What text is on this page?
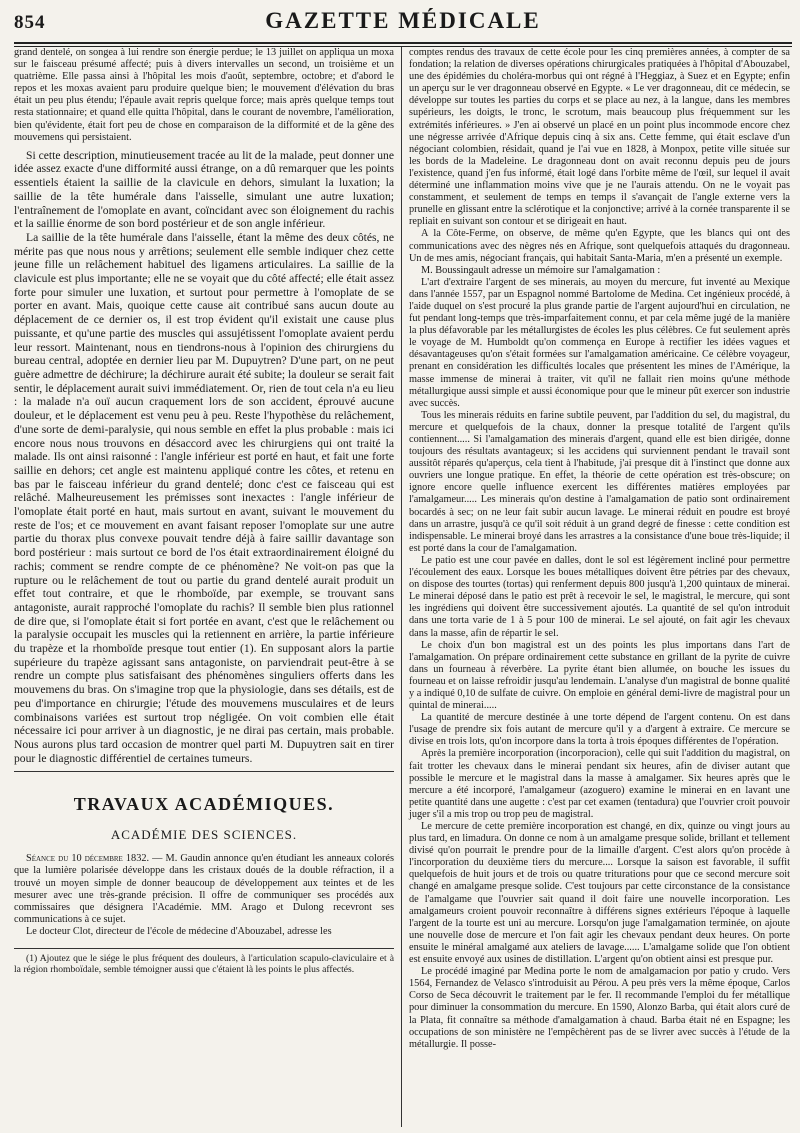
854	GAZETTE MÉDICALE

grand dentelé, on songea à lui rendre son énergie perdue; le 13 juillet on appliqua un moxa sur le faisceau présumé affecté; puis à divers intervalles un second, un troisième et un quatrième. Elle passa ainsi à l'hôpital les mois d'août, septembre, octobre; et d'abord le repos et les moxas avaient paru produire quelque bien; le mouvement d'élévation du bras était un peu plus étendu; l'épaule avait repris quelque force; mais après quelque temps tout resta stationnaire; et quand elle quitta l'hôpital, dans le courant de novembre, l'amélioration, bien qu'évidente, était fort peu de chose en comparaison de la difformité et de la gêne des mouvemens qui persistaient.

Si cette description, minutieusement tracée au lit de la malade, peut donner une idée assez exacte d'une difformité aussi étrange, on a dû remarquer que les points essentiels étaient la saillie de la clavicule en dehors, simulant la luxation; la saillie de la tête humérale dans l'aisselle, simulant une autre luxation; l'entraînement de l'omoplate en avant, coïncidant avec son éloignement du rachis et la saillie énorme de son bord postérieur et de son angle inférieur.

La saillie de la tête humérale dans l'aisselle, étant la même des deux côtés, ne mérite pas que nous nous y arrêtions; seulement elle semble indiquer chez cette jeune fille un relâchement habituel des ligamens articulaires. La saillie de la clavicule est plus importante; elle ne se voyait que du côté affecté; elle était assez forte pour simuler une luxation, et surtout pour permettre à l'omoplate de se porter en avant. Mais, quoique cette cause ait contribué sans aucun doute au déplacement de ce dernier os, il est trop évident qu'il existait une cause plus puissante, et qu'une partie des muscles qui assujétissent l'omoplate avaient perdu leur ressort. Maintenant, nous en tiendrons-nous à l'opinion des chirurgiens du bureau central, adoptée en dernier lieu par M. Dupuytren? D'une part, on ne peut guère admettre de déchirure; la déchirure aurait été subite; la douleur se serait fait sentir, le déplacement aurait suivi immédiatement. Or, rien de tout cela n'a eu lieu : la malade n'a ouï aucun craquement lors de son accident, éprouvé aucune douleur, et le déplacement est venu peu à peu. Reste l'hypothèse du relâchement, d'une sorte de demi-paralysie, qui nous semble en effet la plus probable : mais ici encore nous nous trouvons en désaccord avec les chirurgiens qui ont traité la malade. Ils ont ainsi raisonné : l'angle inférieur est porté en haut, et fait une forte saillie en dehors; cet angle est maintenu appliqué contre les côtes, et retenu en bas par le faisceau inférieur du grand dentelé; donc c'est ce faisceau qui est relâché. Malheureusement les prémisses sont inexactes : l'angle inférieur de l'omoplate était porté en haut, mais surtout en avant, suivant le mouvement du reste de l'os; et ce mouvement en avant faisant reposer l'omoplate sur une autre partie du thorax plus convexe pouvait tendre déjà à faire saillir davantage son bord postérieur : mais surtout ce bord de l'os était extraordinairement éloigné du rachis; comment se rendre compte de ce phénomène? Ne voit-on pas que la rupture ou le relâchement de tout ou partie du grand dentelé aurait produit un effet tout contraire, et que le rhomboïde, par exemple, se trouvant sans antagoniste, aurait rapproché l'omoplate du rachis? Il semble bien plus rationnel de dire que, si l'omoplate était si fort portée en avant, c'est que le relâchement ou la paralysie occupait les muscles qui la retiennent en arrière, la partie inférieure du trapèze et la rhomboïde presque tout entier (1). En supposant alors la partie supérieure du trapèze agissant sans antagoniste, on parviendrait peut-être à se rendre un compte plus satisfaisant des phénomènes singuliers offerts dans les mouvemens du bras. On s'imagine trop que la physiologie, dans ses détails, est de peu d'importance en chirurgie; l'étude des mouvemens musculaires et de leurs combinaisons variées est surtout trop négligée. On voit combien elle était nécessaire ici pour arriver à un diagnostic, je ne dirai pas certain, mais probable. Nous aurons plus tard occasion de montrer quel parti M. Dupuytren sait en tirer pour le diagnostic différentiel de certaines tumeurs.

TRAVAUX ACADÉMIQUES.
ACADÉMIE DES SCIENCES.

Séance du 10 décembre 1832. — M. Gaudin annonce qu'en étudiant les anneaux colorés que la lumière polarisée développe dans les cristaux doués de la double réfraction, il a trouvé un moyen simple de donner beaucoup de développement aux teintes et de les mesurer avec une très-grande précision. Il offre de communiquer ses procédés aux commissaires que désignera l'Académie. MM. Arago et Dulong recevront ses communications à ce sujet.

Le docteur Clot, directeur de l'école de médecine d'Abouzabel, adresse les

(1) Ajoutez que le siége le plus fréquent des douleurs, à l'articulation scapulo-claviculaire et à la région rhomboïdale, semble témoigner aussi que c'étaient là les points le plus affectés.

comptes rendus des travaux de cette école pour les cinq premières années, à compter de sa fondation; la relation de diverses opérations chirurgicales pratiquées à l'hôpital d'Abouzabel, une des épidémies du choléra-morbus qui ont régné à l'Heggiaz, à Suez et en Egypte; enfin un aperçu sur le ver dragonneau observé en Egypte. « Le ver dragonneau, dit ce médecin, se développe sur toutes les parties du corps et se place au nez, à la langue, dans les membres supérieurs, les doigts, le tronc, le scrotum, mais beaucoup plus fréquemment sur les extrémités inférieures. » J'en ai observé un placé en un point plus incommode encore chez une négresse arrivée d'Afrique depuis cinq à six ans. Cette femme, qui était esclave d'un négociant colombien, résidait, quand je l'ai vue en 1828, à Monpox, petite ville située sur les bords de la Madeleine. Le dragonneau dont on avait reconnu depuis peu de jours l'existence, quand j'en fus informé, était logé dans l'orbite même de l'œil, sur lequel il avait déterminé une inflammation moins vive que je ne l'aurais attendu. On ne le voyait pas constamment, et seulement de temps en temps il s'avançait de l'angle externe vers la prunelle en glissant entre la sclérotique et la conjonctive; arrivé à la cornée transparente il se repliait en suivant son contour et se dirigeait en haut.

A la Côte-Ferme, on observe, de même qu'en Egypte, que les blancs qui ont des communications avec des nègres nés en Afrique, sont quelquefois attaqués du dragonneau. Un de mes amis, négociant français, qui habitait Santa-Maria, m'en a présenté un exemple.

M. Boussingault adresse un mémoire sur l'amalgamation :

L'art d'extraire l'argent de ses minerais, au moyen du mercure, fut inventé au Mexique dans l'année 1557, par un Espagnol nommé Bartolome de Medina. Cet ingénieux procédé, à l'aide duquel on s'est procuré la plus grande partie de l'argent aujourd'hui en circulation, ne fut pendant long-temps que très-imparfaitement connu, et par cela même jugé de la manière la plus défavorable par les métallurgistes de écoles les plus célèbres. Ce fut seulement après le voyage de M. Humboldt qu'on commença en Europe à rectifier les idées vagues et désavantageuses qu'on s'était formées sur l'amalgamation américaine. Ce célèbre voyageur, prenant en considération les difficultés locales que présentent les mines de l'Amérique, la masse immense de minerai à traiter, vit qu'il ne fallait rien moins qu'une méthode métallurgique aussi simple et aussi économique pour que le mineur pût exercer son industrie avec succès.

Tous les minerais réduits en farine subtile peuvent, par l'addition du sel, du magistral, du mercure et quelquefois de la chaux, donner la presque totalité de l'argent qu'ils contiennent..... Si l'amalgamation des minerais d'argent, quand elle est bien dirigée, donne toujours des résultats avantageux; si les accidens qui surviennent pendant le travail sont aussitôt réparés qu'aperçus, cela tient à l'habitude, j'ai presque dit à l'instinct que donne aux ouvriers une longue pratique. En effet, la théorie de cette opération est très-obscure; on ignore encore quelle influence exercent les différentes matières employées par l'amalgameur..... Les minerais qu'on destine à l'amalgamation de patio sont ordinairement bocardés à sec; on ne leur fait subir aucun lavage. Le minerai réduit en poudre est broyé dans un arrastre, jusqu'à ce qu'il soit réduit à un grand degré de finesse : cette condition est indispensable. Le minerai broyé dans les arrastres a la consistance d'une boue très-liquide; il est porté dans la cour de l'amalgamation.

Le patio est une cour pavée en dalles, dont le sol est légèrement incliné pour permettre l'écoulement des eaux. Lorsque les boues métalliques doivent être pétries par des chevaux, on dispose des tourtes (tortas) qui renferment depuis 800 jusqu'à 1,200 quintaux de minerai. Le minerai déposé dans le patio est prêt à recevoir le sel, le magistral, le mercure, qui sont les ingrédiens qui doivent être successivement ajoutés. La quantité de sel qu'on introduit dans une torta varie de 1 à 5 pour 100 de minerai. Le sel ajouté, on fait agir les chevaux dans la masse, afin de répartir le sel.

Le choix d'un bon magistral est un des points les plus importans dans l'art de l'amalgamation. On prépare ordinairement cette substance en grillant de la pyrite de cuivre dans un fourneau à réverbère. La pyrite étant bien allumée, on bouche les issues du fourneau et on laisse refroidir jusqu'au lendemain. L'analyse d'un magistral de bonne qualité y a indiqué 0,10 de sulfate de cuivre. On emploie en général demi-livre de magistral pour un quintal de minerai.....

La quantité de mercure destinée à une torte dépend de l'argent contenu. On est dans l'usage de prendre six fois autant de mercure qu'il y a d'argent à extraire. Ce mercure se divise en trois lots, qu'on incorpore dans la torta à trois époques différentes de l'opération.

Après la première incorporation (incorporacion), celle qui suit l'addition du magistral, on fait trotter les chevaux dans le minerai pendant six heures, afin de diviser autant que possible le mercure et le magistral dans la masse à amalgamer. Six heures après que le mercure a été incorporé, l'amalgameur (azoguero) examine le minerai en en lavant une petite quantité dans une augette : c'est par cet examen (tentadura) que l'ouvrier croit pouvoir juger s'il a mis trop ou trop peu de magistral.

Le mercure de cette première incorporation est changé, en dix, quinze ou vingt jours au plus tard, en limadura. On donne ce nom à un amalgame presque solide, brillant et tellement divisé qu'on pourrait le prendre pour de la limaille d'argent. C'est alors qu'on procède à l'incorporation du deuxième tiers du mercure.... Lorsque la saison est favorable, il suffit quelquefois de huit jours et de trois ou quatre triturations pour que ce second mercure soit changé en amalgame presque solide. C'est toujours par cette circonstance de la consistance de l'amalgame que l'ouvrier sait quand il doit faire une nouvelle incorporation. Les amalgameurs croient pouvoir reconnaître à différens signes extérieurs l'époque à laquelle l'argent de la tourte est uni au mercure. Lorsqu'on juge l'amalgamation terminée, on ajoute une nouvelle dose de mercure et l'on fait agir les chevaux pendant deux heures. On porte ensuite le minéral amalgamé aux ateliers de lavage...... L'amalgame solide que l'on obtient est ensuite envoyé aux usines de distillation. L'argent qu'on obtient ainsi est presque pur.

Le procédé imaginé par Medina porte le nom de amalgamacion por patio y crudo. Vers 1564, Fernandez de Velasco s'introduisit au Pérou. A peu près vers la même époque, Carlos Corso de Seca découvrit le traitement par le fer. Il recommande l'emploi du fer métallique pour diminuer la consommation du mercure. En 1590, Alonzo Barba, qui était alors curé de la Plata, fit connaître sa méthode d'amalgamation à chaud. Barba était né en Espagne; les occupations de son ministère ne l'empêchèrent pas de se livrer avec succès à l'étude de la métallurgie. Il posse-
